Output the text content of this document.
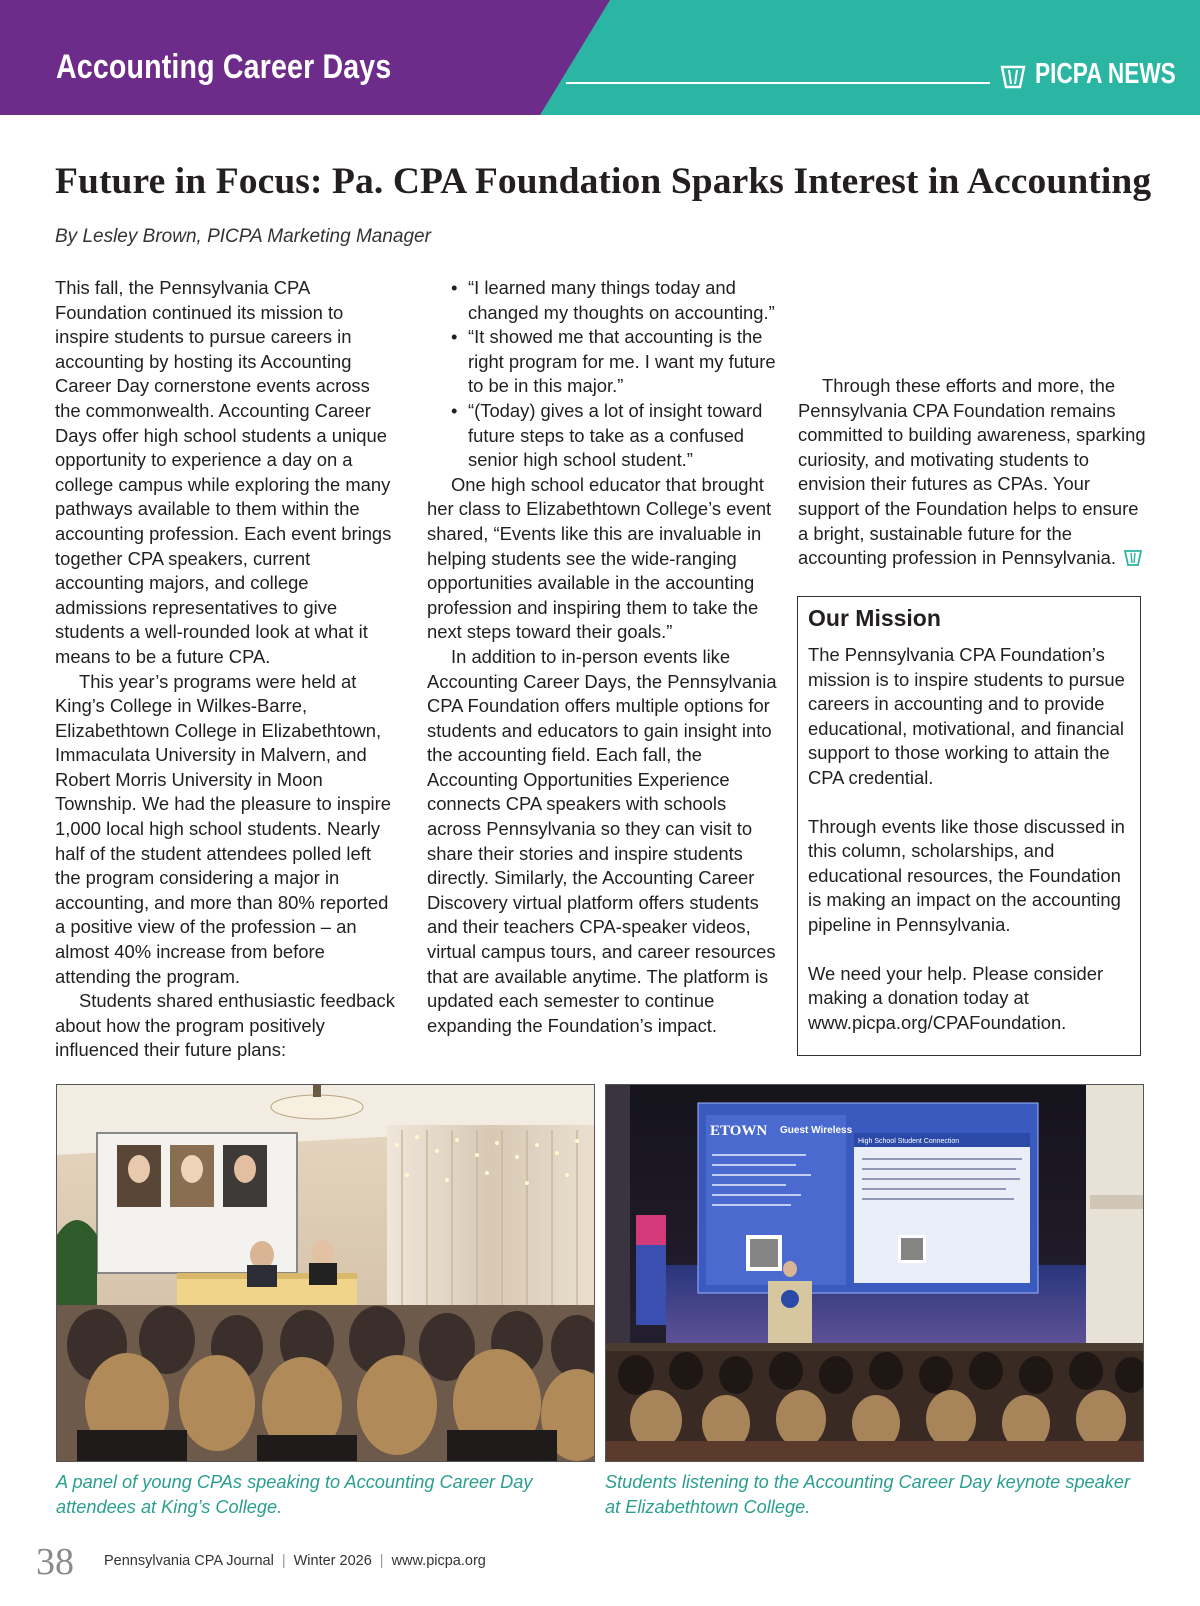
Accounting Career Days	PICPA NEWS
Future in Focus: Pa. CPA Foundation Sparks Interest in Accounting
By Lesley Brown, PICPA Marketing Manager

This fall, the Pennsylvania CPA Foundation continued its mission to inspire students to pursue careers in accounting by hosting its Accounting Career Day cornerstone events across the commonwealth. Accounting Career Days offer high school students a unique opportunity to experience a day on a college campus while exploring the many pathways available to them within the accounting profession. Each event brings together CPA speakers, current accounting majors, and college admissions representatives to give students a well-rounded look at what it means to be a future CPA.

This year’s programs were held at King’s College in Wilkes-Barre, Elizabethtown College in Elizabethtown, Immaculata University in Malvern, and Robert Morris University in Moon Township. We had the pleasure to inspire 1,000 local high school students. Nearly half of the student attendees polled left the program considering a major in accounting, and more than 80% reported a positive view of the profession – an almost 40% increase from before attending the program.

Students shared enthusiastic feedback about how the program positively influenced their future plans:

• “I learned many things today and changed my thoughts on accounting.”
• “It showed me that accounting is the right program for me. I want my future to be in this major.”
• “(Today) gives a lot of insight toward future steps to take as a confused senior high school student.”

One high school educator that brought her class to Elizabethtown College’s event shared, “Events like this are invaluable in helping students see the wide-ranging opportunities available in the accounting profession and inspiring them to take the next steps toward their goals.”

In addition to in-person events like Accounting Career Days, the Pennsylvania CPA Foundation offers multiple options for students and educators to gain insight into the accounting field. Each fall, the Accounting Opportunities Experience connects CPA speakers with schools across Pennsylvania so they can visit to share their stories and inspire students directly. Similarly, the Accounting Career Discovery virtual platform offers students and their teachers CPA-speaker videos, virtual campus tours, and career resources that are available anytime. The platform is updated each semester to continue expanding the Foundation’s impact.

Through these efforts and more, the Pennsylvania CPA Foundation remains committed to building awareness, sparking curiosity, and motivating students to envision their futures as CPAs. Your support of the Foundation helps to ensure a bright, sustainable future for the accounting profession in Pennsylvania.

Our Mission

The Pennsylvania CPA Foundation’s mission is to inspire students to pursue careers in accounting and to provide educational, motivational, and financial support to those working to attain the CPA credential.

Through events like those discussed in this column, scholarships, and educational resources, the Foundation is making an impact on the accounting pipeline in Pennsylvania.

We need your help. Please consider making a donation today at www.picpa.org/CPAFoundation.

ETOWN Guest Wireless
High School Student Connection

A panel of young CPAs speaking to Accounting Career Day attendees at King’s College.

Students listening to the Accounting Career Day keynote speaker at Elizabethtown College.

38 Pennsylvania CPA Journal | Winter 2026 | www.picpa.org
